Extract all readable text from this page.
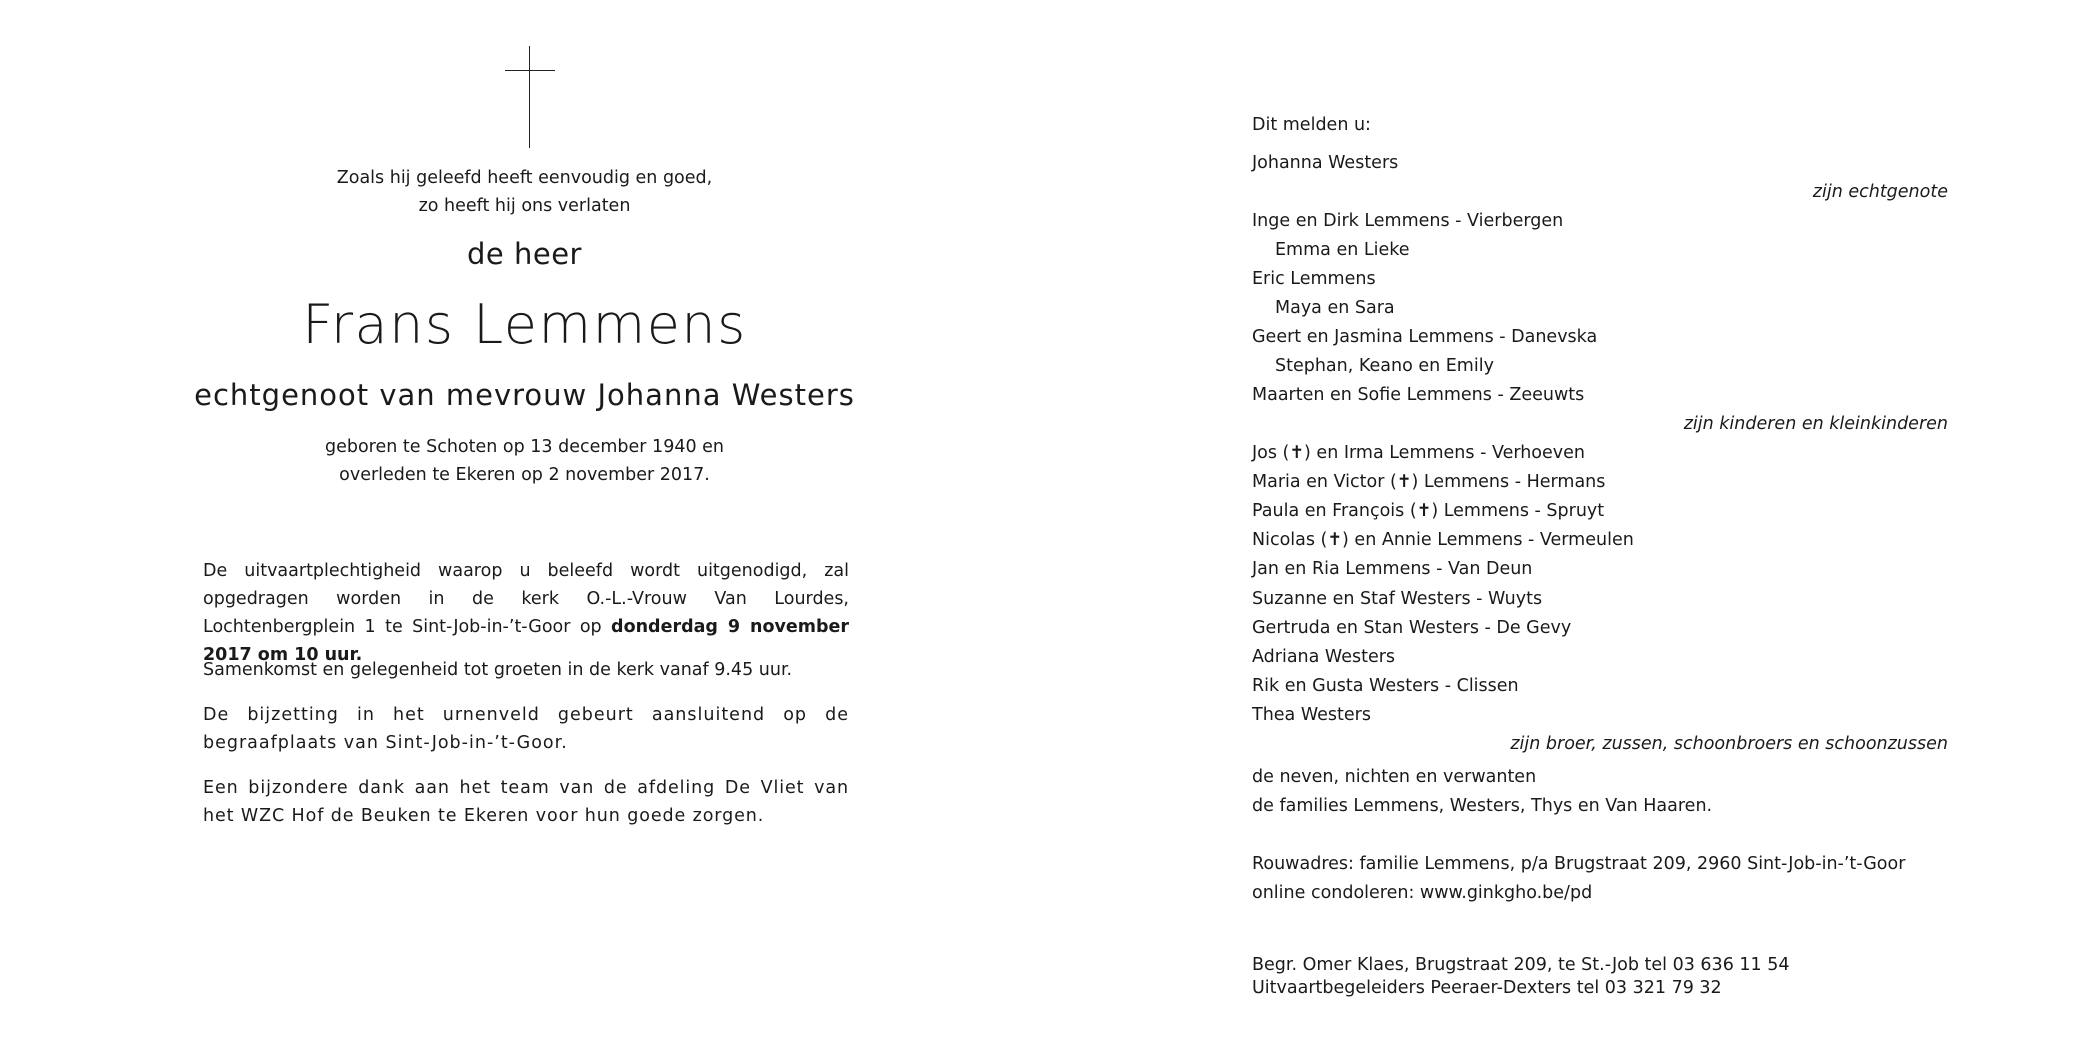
Zoals hij geleefd heeft eenvoudig en goed,
zo heeft hij ons verlaten
de heer
Frans Lemmens
echtgenoot van mevrouw Johanna Westers
geboren te Schoten op 13 december 1940 en
overleden te Ekeren op 2 november 2017.
De uitvaartplechtigheid waarop u beleefd wordt uitgenodigd, zal opgedragen worden in de kerk O.-L.-Vrouw Van Lourdes, Lochtenbergplein 1 te Sint-Job-in-’t-Goor op donderdag 9 november 2017 om 10 uur.
Samenkomst en gelegenheid tot groeten in de kerk vanaf 9.45 uur.
De bijzetting in het urnenveld gebeurt aansluitend op de begraafplaats van Sint-Job-in-’t-Goor.
Een bijzondere dank aan het team van de afdeling De Vliet van het WZC Hof de Beuken te Ekeren voor hun goede zorgen.
Dit melden u:
Johanna Westers
zijn echtgenote
Inge en Dirk Lemmens - Vierbergen
Emma en Lieke
Eric Lemmens
Maya en Sara
Geert en Jasmina Lemmens - Danevska
Stephan, Keano en Emily
Maarten en Sofie Lemmens - Zeeuwts
zijn kinderen en kleinkinderen
Jos (✝) en Irma Lemmens - Verhoeven
Maria en Victor (✝) Lemmens - Hermans
Paula en François (✝) Lemmens - Spruyt
Nicolas (✝) en Annie Lemmens - Vermeulen
Jan en Ria Lemmens - Van Deun
Suzanne en Staf Westers - Wuyts
Gertruda en Stan Westers - De Gevy
Adriana Westers
Rik en Gusta Westers - Clissen
Thea Westers
zijn broer, zussen, schoonbroers en schoonzussen
de neven, nichten en verwanten
de families Lemmens, Westers, Thys en Van Haaren.
Rouwadres: familie Lemmens, p/a Brugstraat 209, 2960 Sint-Job-in-’t-Goor
online condoleren: www.ginkgho.be/pd
Begr. Omer Klaes, Brugstraat 209, te St.-Job tel 03 636 11 54
Uitvaartbegeleiders Peeraer-Dexters tel 03 321 79 32
